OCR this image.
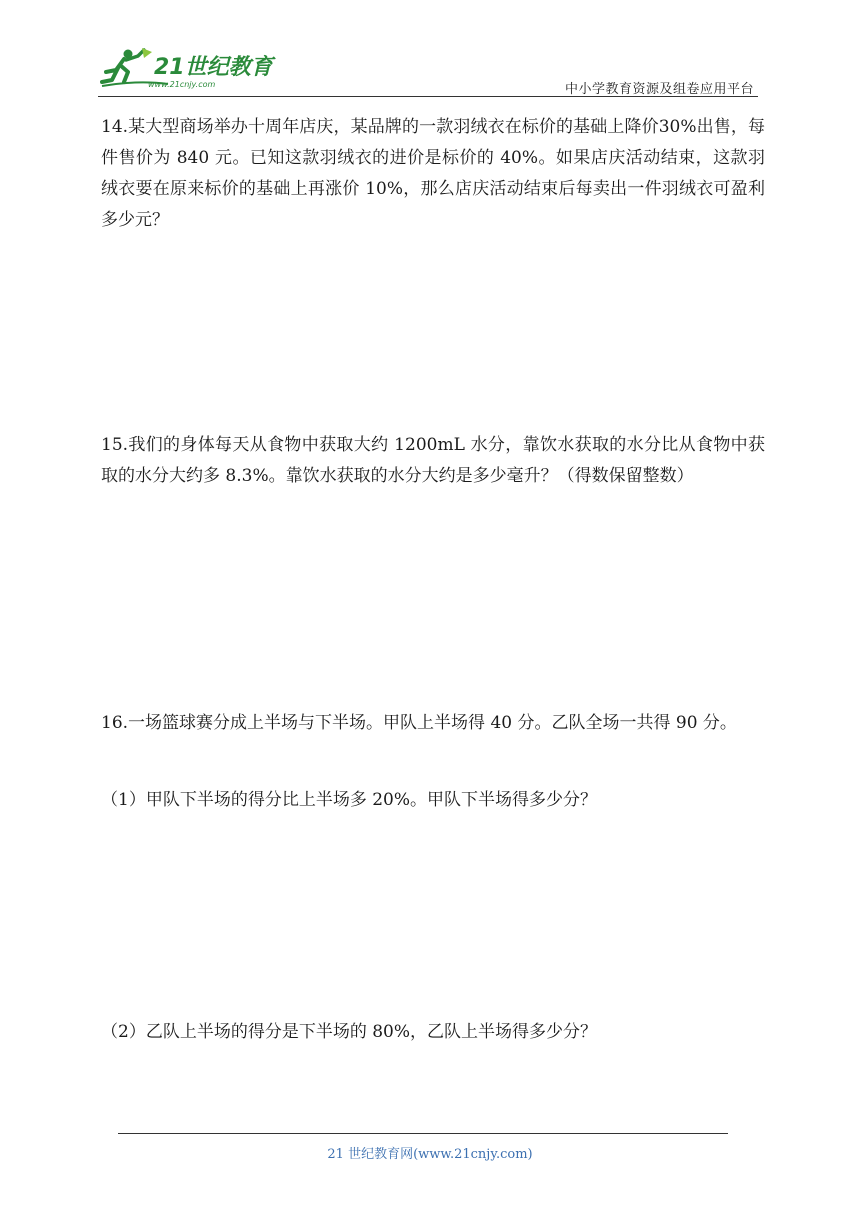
21世纪教育
www.21cnjy.com	中小学教育资源及组卷应用平台

14.某大型商场举办十周年店庆，某品牌的一款羽绒衣在标价的基础上降价30%出售，每件售价为 840 元。已知这款羽绒衣的进价是标价的 40%。如果店庆活动结束，这款羽绒衣要在原来标价的基础上再涨价 10%，那么店庆活动结束后每卖出一件羽绒衣可盈利多少元？

15.我们的身体每天从食物中获取大约 1200mL 水分，靠饮水获取的水分比从食物中获取的水分大约多 8.3%。靠饮水获取的水分大约是多少毫升？（得数保留整数）

16.一场篮球赛分成上半场与下半场。甲队上半场得 40 分。乙队全场一共得 90 分。

（1）甲队下半场的得分比上半场多 20%。甲队下半场得多少分？

（2）乙队上半场的得分是下半场的 80%，乙队上半场得多少分？

21 世纪教育网(www.21cnjy.com)
